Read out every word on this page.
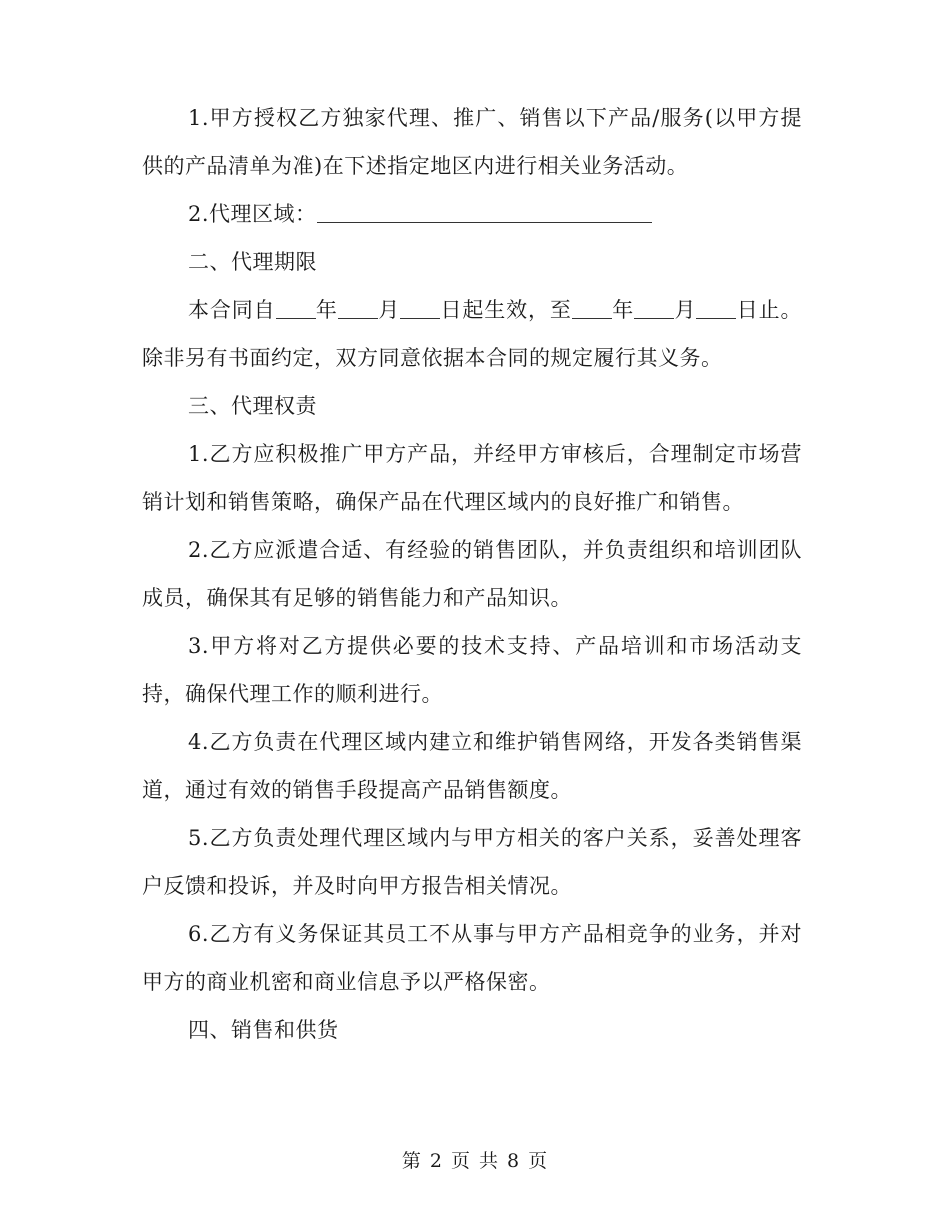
1.甲方授权乙方独家代理、推广、销售以下产品/服务(以甲方提供的产品清单为准)在下述指定地区内进行相关业务活动。

2.代理区域：

二、代理期限

本合同自 年 月 日起生效，至 年 月 日止。除非另有书面约定，双方同意依据本合同的规定履行其义务。

三、代理权责

1.乙方应积极推广甲方产品，并经甲方审核后，合理制定市场营销计划和销售策略，确保产品在代理区域内的良好推广和销售。

2.乙方应派遣合适、有经验的销售团队，并负责组织和培训团队成员，确保其有足够的销售能力和产品知识。

3.甲方将对乙方提供必要的技术支持、产品培训和市场活动支持，确保代理工作的顺利进行。

4.乙方负责在代理区域内建立和维护销售网络，开发各类销售渠道，通过有效的销售手段提高产品销售额度。

5.乙方负责处理代理区域内与甲方相关的客户关系，妥善处理客户反馈和投诉，并及时向甲方报告相关情况。

6.乙方有义务保证其员工不从事与甲方产品相竞争的业务，并对甲方的商业机密和商业信息予以严格保密。

四、销售和供货

第 2 页 共 8 页
